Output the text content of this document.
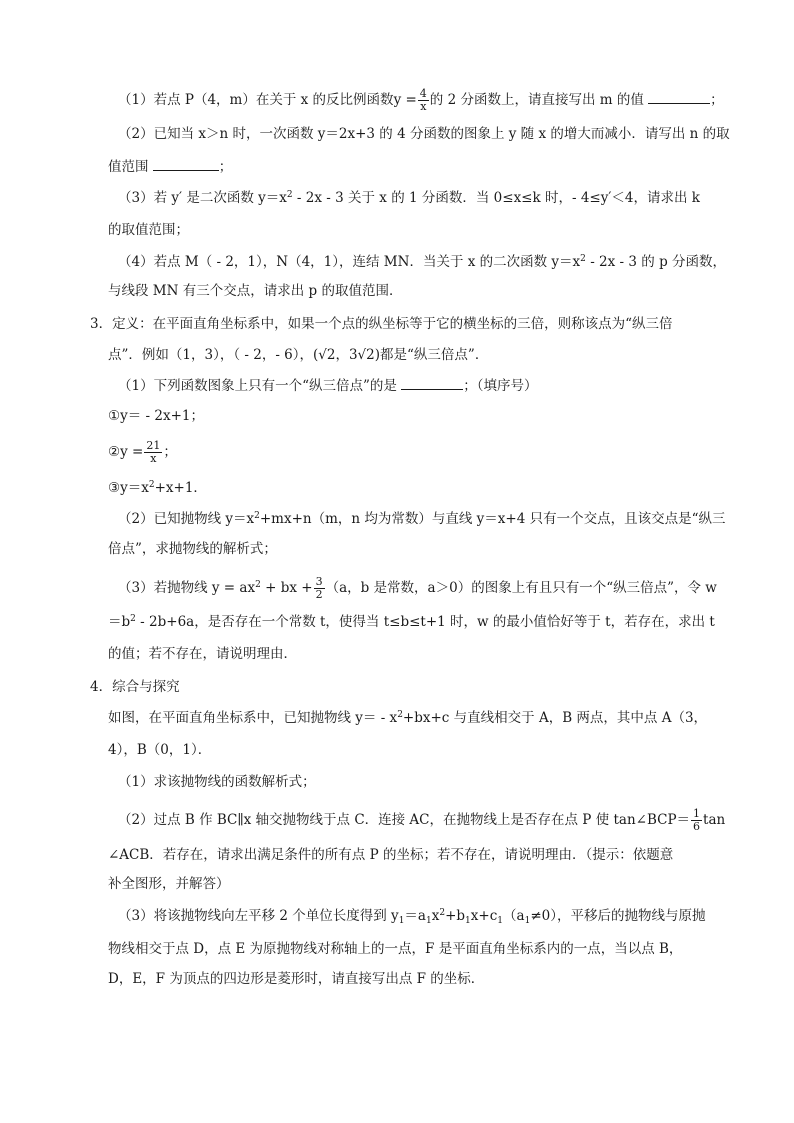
（1）若点 P（4，m）在关于 x 的反比例函数$y = \frac{4}{x}$ 的 2 分函数上，请直接写出 m 的值	；
（2）已知当 x＞n 时，一次函数 y＝2x+3 的 4 分函数的图象上 y 随 x 的增大而减小．请写出 n 的取
值范围	；
（3）若 y′ 是二次函数 $y=x^2 - 2x - 3$ 关于 x 的 1 分函数．当 0≤x≤k 时，- 4≤y′＜4，请求出 k
的取值范围；
（4）若点 M（ - 2，1），N（4，1），连结 MN．当关于 x 的二次函数 $y=x^2 - 2x - 3$ 的 p 分函数，
与线段 MN 有三个交点，请求出 p 的取值范围．
3．定义：在平面直角坐标系中，如果一个点的纵坐标等于它的横坐标的三倍，则称该点为“纵三倍
点”．例如（1，3），（ - 2，- 6），(√2，3√2)都是“纵三倍点”．
（1）下列函数图象上只有一个“纵三倍点”的是	；（填序号）
①y＝ - 2x+1；
②y = $\frac{21}{x}$ ；
$③y=x^2+x+1$．
（2）已知抛物线 $y=x^2+mx+n(m$，n 均为常数）与直线 y＝x+4 只有一个交点，且该交点是“纵三
倍点”，求抛物线的解析式；
（3）若抛物线 $y = ax^2$ + bx + $\frac{3}{2} (a$，b 是常数，a＞0）的图象上有且只有一个“纵三倍点”，令 w
$=b^2 - 2b+6a$，是否存在一个常数 t，使得当 t≤b≤t+1 时，w 的最小值恰好等于 t，若存在，求出 t
的值；若不存在，请说明理由．
4．综合与探究
如图，在平面直角坐标系中，已知抛物线 $y= - x^2+bx+c$ 与直线相交于 A，B 两点，其中点 A（3，
4），B（0，1）．
（1）求该抛物线的函数解析式；
（2）过点 B 作 BC∥x 轴交抛物线于点 C．连接 AC，在抛物线上是否存在点 P 使 tan∠BCP＝ $\frac{1}{6}$ tan
∠ACB．若存在，请求出满足条件的所有点 P 的坐标；若不存在，请说明理由．（提示：依题意
补全图形，并解答）
（3）将该抛物线向左平移 2 个单位长度得到 $y_1=a_1x^2+b_1x+c_1(a_1\ne 0)$，平移后的抛物线与原抛
物线相交于点 D，点 E 为原抛物线对称轴上的一点，F 是平面直角坐标系内的一点，当以点 B，
D，E，F 为顶点的四边形是菱形时，请直接写出点 F 的坐标．
